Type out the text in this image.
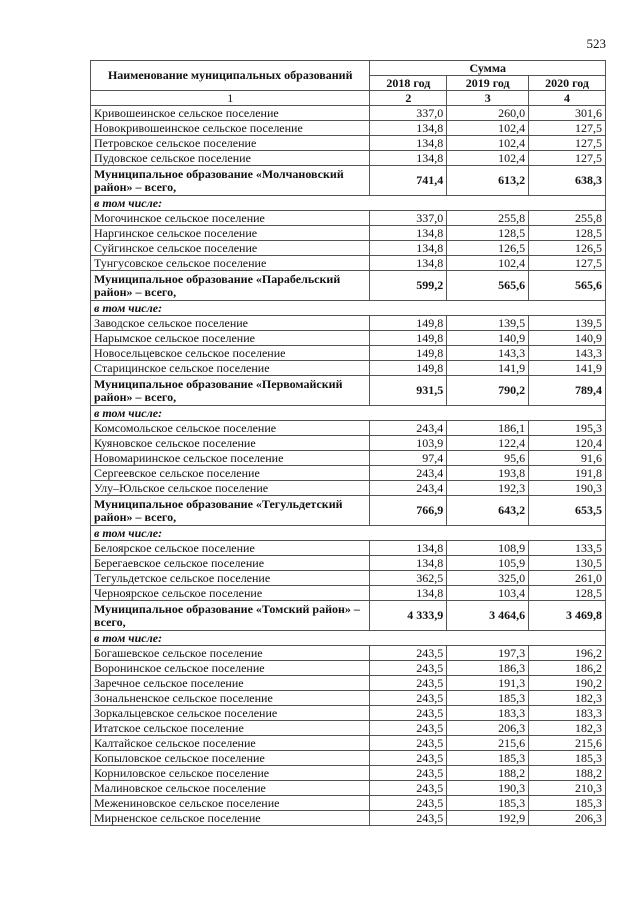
523
Наименование муниципальных образований	Сумма		
	2018 год	2019 год	2020 год
1	2	3	4
Кривошеинское сельское поселение	337,0	260,0	301,6
Новокривошеинское сельское поселение	134,8	102,4	127,5
Петровское сельское поселение	134,8	102,4	127,5
Пудовское сельское поселение	134,8	102,4	127,5
Муниципальное образование «Молчановский район» – всего,	741,4	613,2	638,3
в том числе:			
Могочинское сельское поселение	337,0	255,8	255,8
Наргинское сельское поселение	134,8	128,5	128,5
Суйгинское сельское поселение	134,8	126,5	126,5
Тунгусовское сельское поселение	134,8	102,4	127,5
Муниципальное образование «Парабельский район» – всего,	599,2	565,6	565,6
в том числе:			
Заводское сельское поселение	149,8	139,5	139,5
Нарымское сельское поселение	149,8	140,9	140,9
Новосельцевское сельское поселение	149,8	143,3	143,3
Старицинское сельское поселение	149,8	141,9	141,9
Муниципальное образование «Первомайский район» – всего,	931,5	790,2	789,4
в том числе:			
Комсомольское сельское поселение	243,4	186,1	195,3
Куяновское сельское поселение	103,9	122,4	120,4
Новомариинское сельское поселение	97,4	95,6	91,6
Сергеевское сельское поселение	243,4	193,8	191,8
Улу–Юльское сельское поселение	243,4	192,3	190,3
Муниципальное образование «Тегульдетский район» – всего,	766,9	643,2	653,5
в том числе:			
Белоярское сельское поселение	134,8	108,9	133,5
Берегаевское сельское поселение	134,8	105,9	130,5
Тегульдетское сельское поселение	362,5	325,0	261,0
Черноярское сельское поселение	134,8	103,4	128,5
Муниципальное образование «Томский район» – всего,	4 333,9	3 464,6	3 469,8
в том числе:			
Богашевское сельское поселение	243,5	197,3	196,2
Воронинское сельское поселение	243,5	186,3	186,2
Заречное сельское поселение	243,5	191,3	190,2
Зональненское сельское поселение	243,5	185,3	182,3
Зоркальцевское сельское поселение	243,5	183,3	183,3
Итатское сельское поселение	243,5	206,3	182,3
Калтайское сельское поселение	243,5	215,6	215,6
Копыловское сельское поселение	243,5	185,3	185,3
Корниловское сельское поселение	243,5	188,2	188,2
Малиновское сельское поселение	243,5	190,3	210,3
Межениновское сельское поселение	243,5	185,3	185,3
Мирненское сельское поселение	243,5	192,9	206,3
